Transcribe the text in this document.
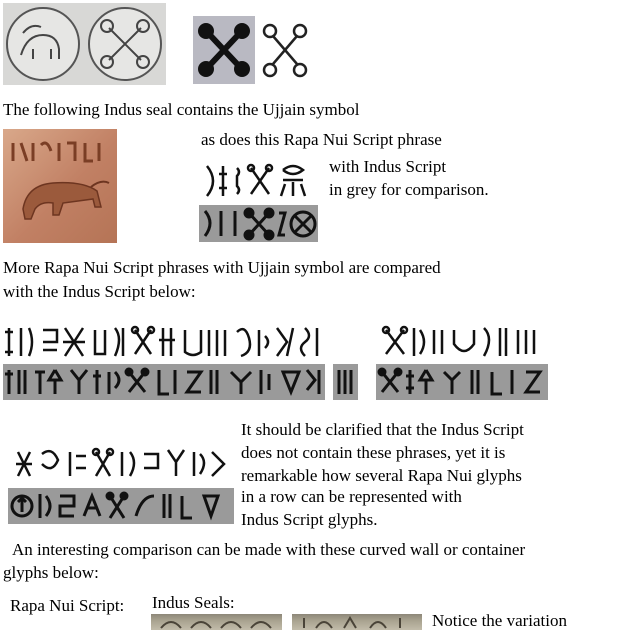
The following Indus seal contains the Ujjain symbol
as does this Rapa Nui Script phrase
with Indus Script
in grey for comparison.
More Rapa Nui Script phrases with Ujjain symbol are compared
with the Indus Script below:
It should be clarified that the Indus Script
does not contain these phrases, yet it is
remarkable how several Rapa Nui glyphs
in a row can be represented with
Indus Script glyphs.
An interesting comparison can be made with these curved wall or container
glyphs below:
Rapa Nui Script: Indus Seals:
Notice the variation
